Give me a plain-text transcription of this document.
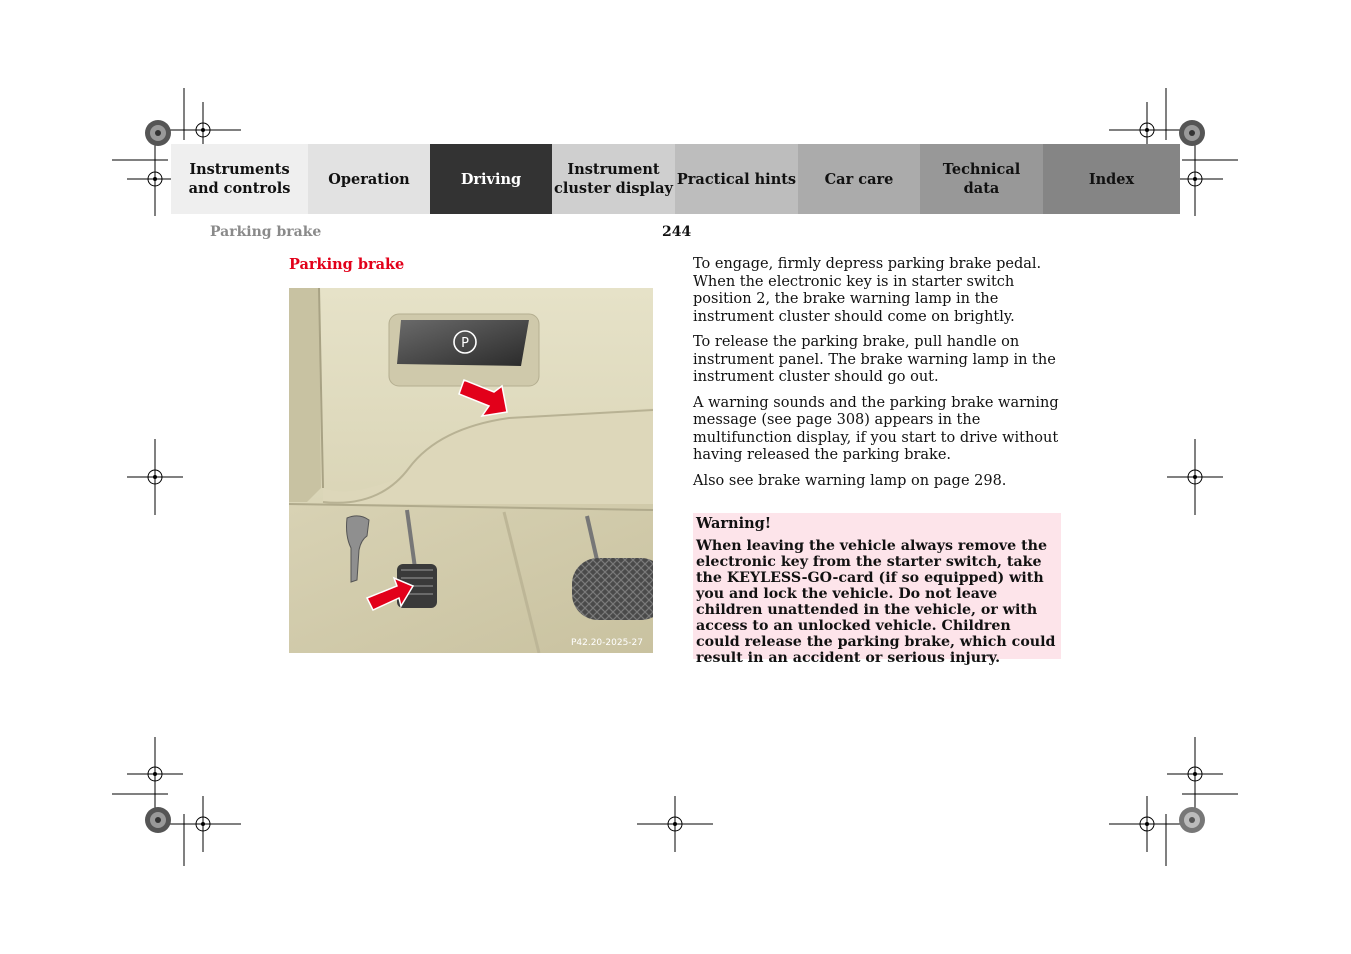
Instruments
and controls
Operation	Driving
Instrument
cluster display
Practical hints Car care
Technical
data
Index
Parking brake	244
Parking brake
P
P42.20-2025-27

To engage, firmly depress parking brake pedal. When the electronic key is in starter switch position 2, the brake warning lamp in the instrument cluster should come on brightly.

To release the parking brake, pull handle on instrument panel. The brake warning lamp in the instrument cluster should go out.

A warning sounds and the parking brake warning message (see page 308) appears in the multifunction display, if you start to drive without having released the parking brake.

Also see brake warning lamp on page 298.

Warning!
When leaving the vehicle always remove the electronic key from the starter switch, take the KEYLESS-GO-card (if so equipped) with you and lock the vehicle. Do not leave children unattended in the vehicle, or with access to an unlocked vehicle. Children could release the parking brake, which could result in an accident or serious injury.
